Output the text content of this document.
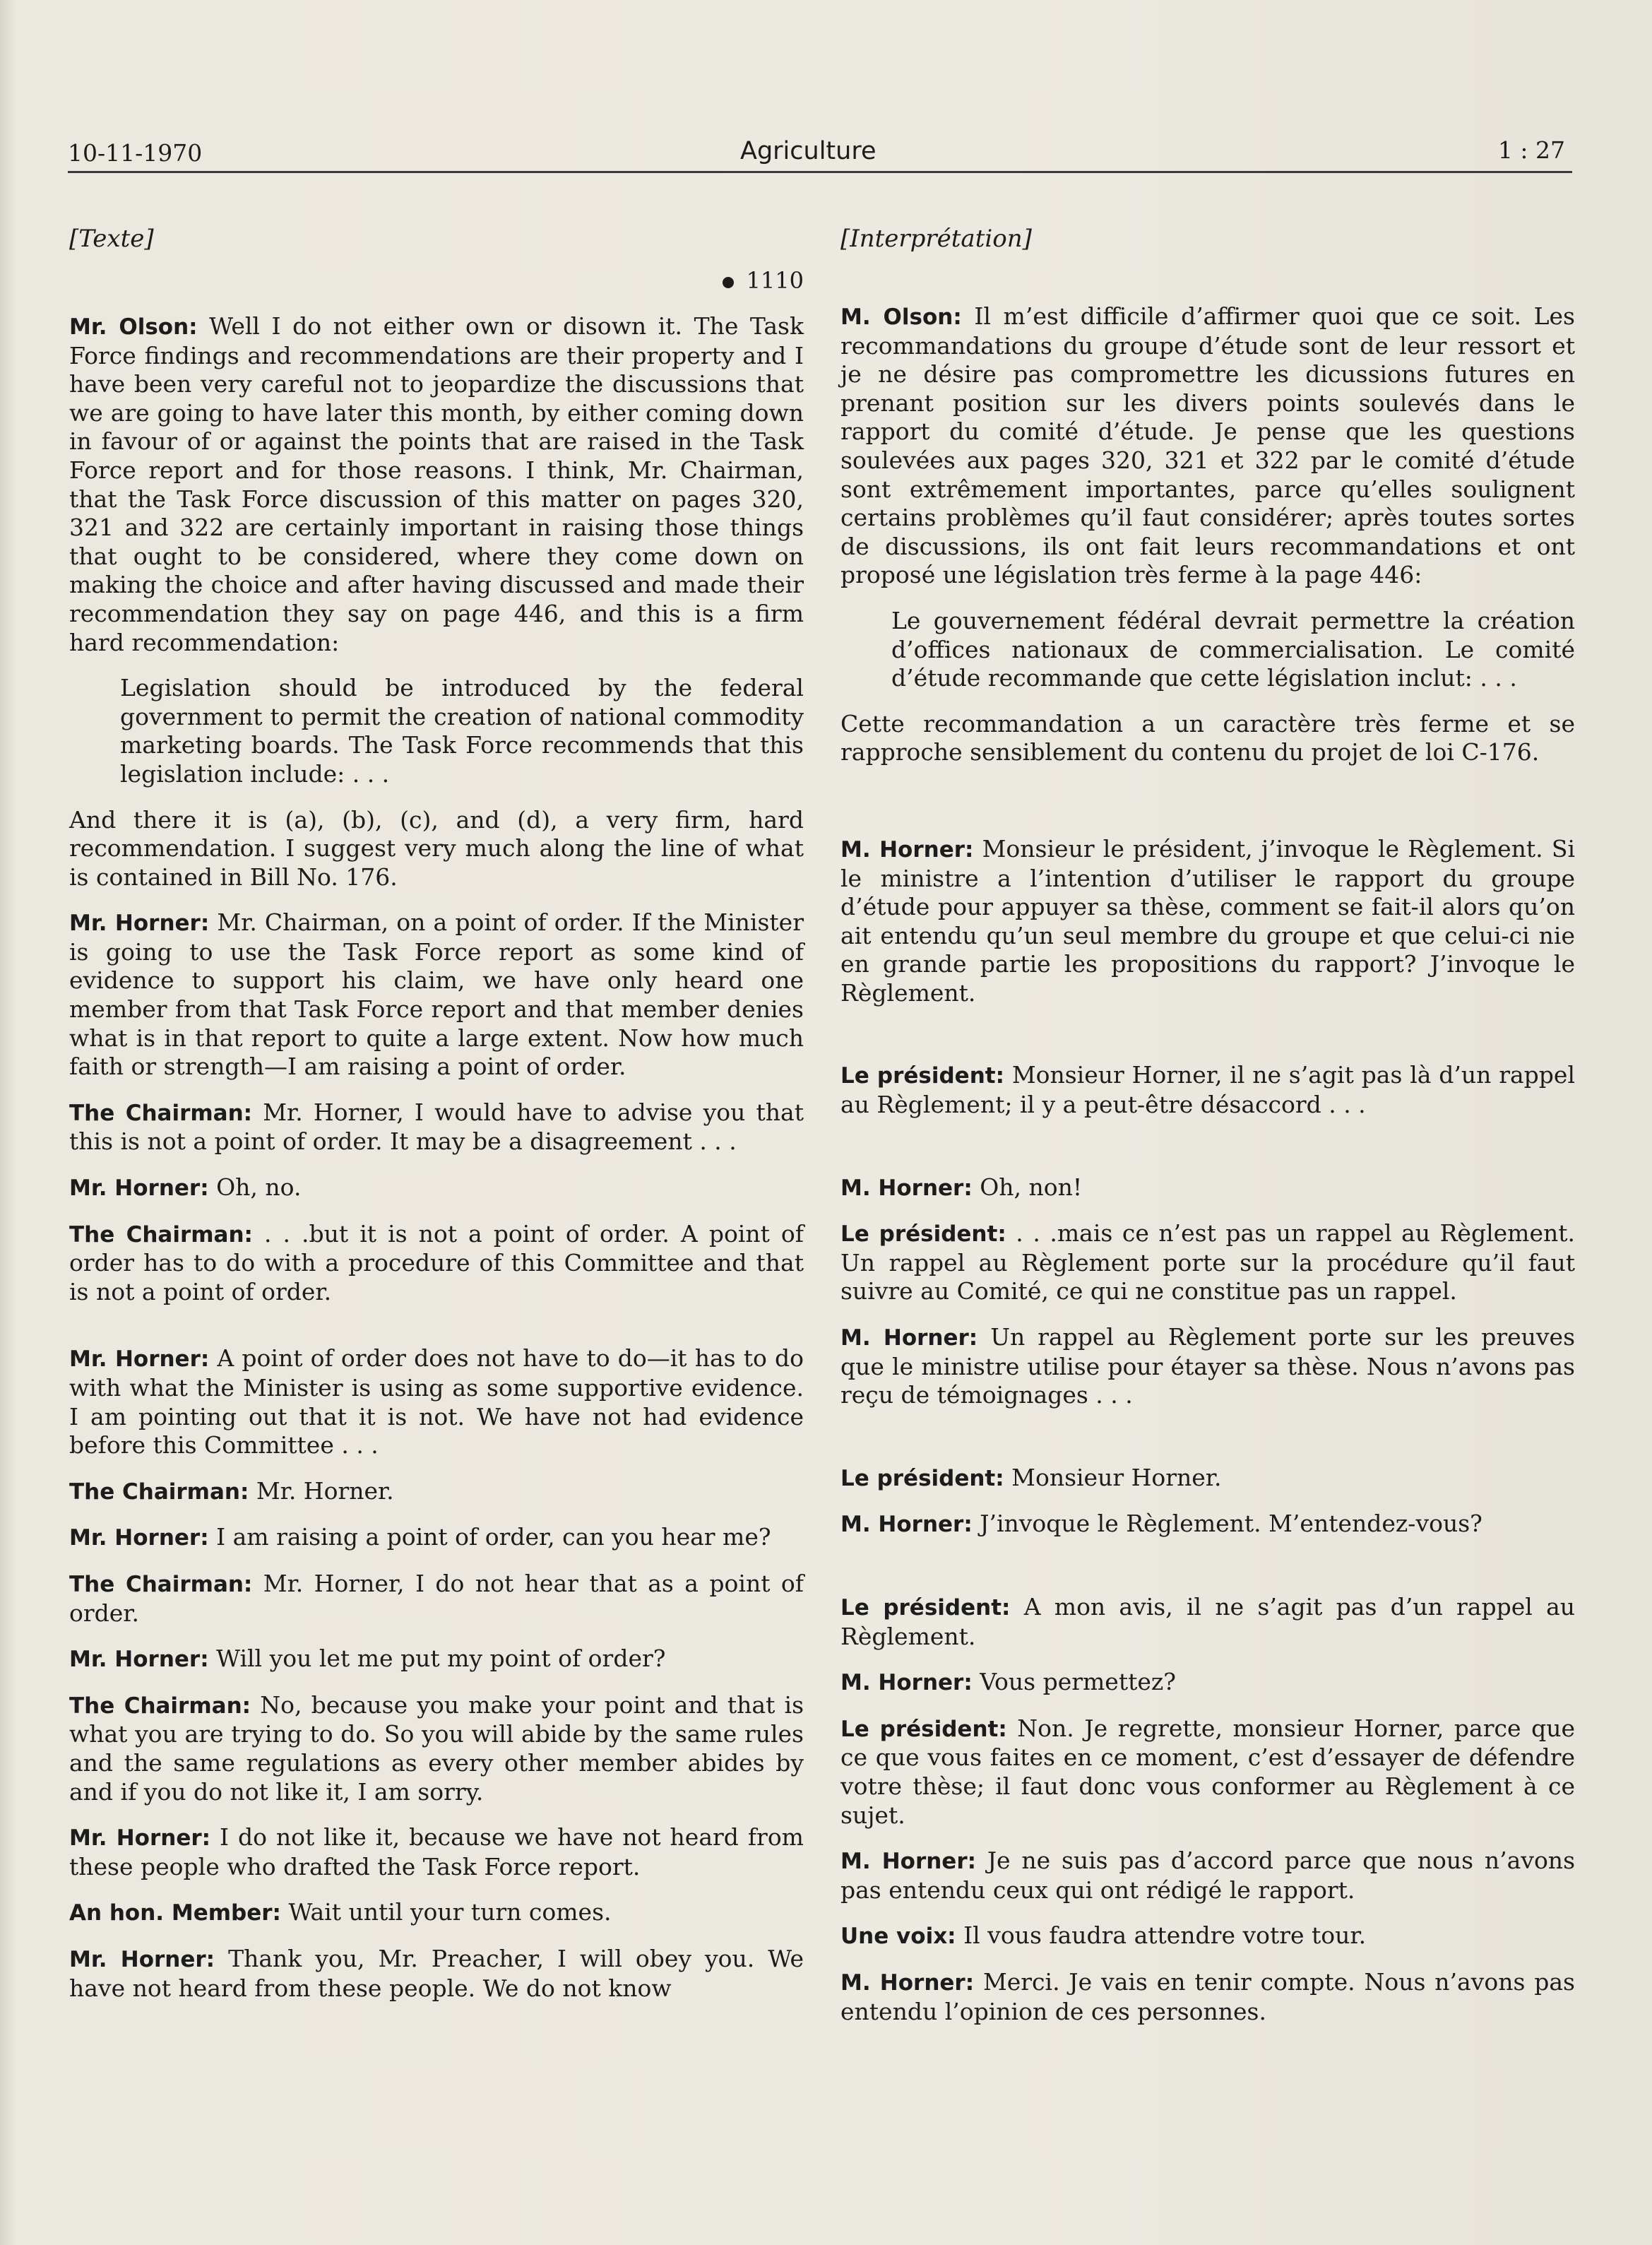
10-11-1970	Agriculture	1 : 27
[Texte]
1110

Mr. Olson: Well I do not either own or disown it. The Task Force findings and recommendations are their property and I have been very careful not to jeopardize the discussions that we are going to have later this month, by either coming down in favour of or against the points that are raised in the Task Force report and for those reasons. I think, Mr. Chairman, that the Task Force discussion of this matter on pages 320, 321 and 322 are certainly important in raising those things that ought to be considered, where they come down on making the choice and after having discussed and made their recommendation they say on page 446, and this is a firm hard recommendation:

Legislation should be introduced by the federal government to permit the creation of national commodity marketing boards. The Task Force recommends that this legislation include: . . .

And there it is (a), (b), (c), and (d), a very firm, hard recommendation. I suggest very much along the line of what is contained in Bill No. 176.

Mr. Horner: Mr. Chairman, on a point of order. If the Minister is going to use the Task Force report as some kind of evidence to support his claim, we have only heard one member from that Task Force report and that member denies what is in that report to quite a large extent. Now how much faith or strength—I am raising a point of order.

The Chairman: Mr. Horner, I would have to advise you that this is not a point of order. It may be a disagreement . . .

Mr. Horner: Oh, no.

The Chairman: . . .but it is not a point of order. A point of order has to do with a procedure of this Committee and that is not a point of order.

Mr. Horner: A point of order does not have to do—it has to do with what the Minister is using as some supportive evidence. I am pointing out that it is not. We have not had evidence before this Committee . . .

The Chairman: Mr. Horner.

Mr. Horner: I am raising a point of order, can you hear me?

The Chairman: Mr. Horner, I do not hear that as a point of order.

Mr. Horner: Will you let me put my point of order?

The Chairman: No, because you make your point and that is what you are trying to do. So you will abide by the same rules and the same regulations as every other member abides by and if you do not like it, I am sorry.

Mr. Horner: I do not like it, because we have not heard from these people who drafted the Task Force report.

An hon. Member: Wait until your turn comes.

Mr. Horner: Thank you, Mr. Preacher, I will obey you. We have not heard from these people. We do not know

[Interprétation]

M. Olson: Il m’est difficile d’affirmer quoi que ce soit. Les recommandations du groupe d’étude sont de leur ressort et je ne désire pas compromettre les dicussions futures en prenant position sur les divers points soulevés dans le rapport du comité d’étude. Je pense que les questions soulevées aux pages 320, 321 et 322 par le comité d’étude sont extrêmement importantes, parce qu’elles soulignent certains problèmes qu’il faut considérer; après toutes sortes de discussions, ils ont fait leurs recommandations et ont proposé une législation très ferme à la page 446:

Le gouvernement fédéral devrait permettre la création d’offices nationaux de commercialisation. Le comité d’étude recommande que cette législation inclut: . . .

Cette recommandation a un caractère très ferme et se rapproche sensiblement du contenu du projet de loi C-176.

M. Horner: Monsieur le président, j’invoque le Règlement. Si le ministre a l’intention d’utiliser le rapport du groupe d’étude pour appuyer sa thèse, comment se fait-il alors qu’on ait entendu qu’un seul membre du groupe et que celui-ci nie en grande partie les propositions du rapport? J’invoque le Règlement.

Le président: Monsieur Horner, il ne s’agit pas là d’un rappel au Règlement; il y a peut-être désaccord . . .

M. Horner: Oh, non!

Le président: . . .mais ce n’est pas un rappel au Règlement. Un rappel au Règlement porte sur la procédure qu’il faut suivre au Comité, ce qui ne constitue pas un rappel.

M. Horner: Un rappel au Règlement porte sur les preuves que le ministre utilise pour étayer sa thèse. Nous n’avons pas reçu de témoignages . . .

Le président: Monsieur Horner.

M. Horner: J’invoque le Règlement. M’entendez-vous?

Le président: A mon avis, il ne s’agit pas d’un rappel au Règlement.

M. Horner: Vous permettez?

Le président: Non. Je regrette, monsieur Horner, parce que ce que vous faites en ce moment, c’est d’essayer de défendre votre thèse; il faut donc vous conformer au Règlement à ce sujet.

M. Horner: Je ne suis pas d’accord parce que nous n’avons pas entendu ceux qui ont rédigé le rapport.

Une voix: Il vous faudra attendre votre tour.

M. Horner: Merci. Je vais en tenir compte. Nous n’avons pas entendu l’opinion de ces personnes.
